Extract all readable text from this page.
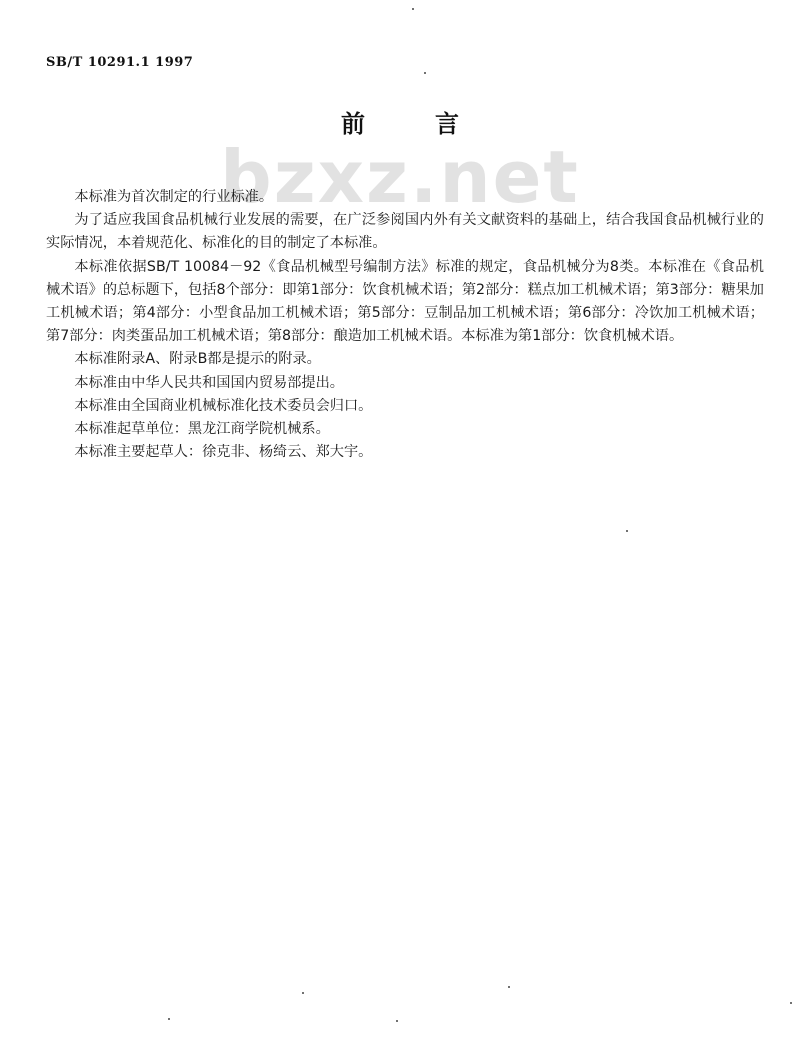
SB/T 10291.1 1997
前言
bzxz.net

本标准为首次制定的行业标准。

为了适应我国食品机械行业发展的需要，在广泛参阅国内外有关文献资料的基础上，结合我国食品机械行业的实际情况，本着规范化、标准化的目的制定了本标准。

本标准依据SB/T 10084－92《食品机械型号编制方法》标准的规定，食品机械分为8类。本标准在《食品机械术语》的总标题下，包括8个部分：即第1部分：饮食机械术语；第2部分：糕点加工机械术语；第3部分：糖果加工机械术语；第4部分：小型食品加工机械术语；第5部分：豆制品加工机械术语；第6部分：冷饮加工机械术语；第7部分：肉类蛋品加工机械术语；第8部分：酿造加工机械术语。本标准为第1部分：饮食机械术语。

本标准附录A、附录B都是提示的附录。

本标准由中华人民共和国国内贸易部提出。

本标准由全国商业机械标准化技术委员会归口。

本标准起草单位：黑龙江商学院机械系。

本标准主要起草人：徐克非、杨绮云、郑大宇。
